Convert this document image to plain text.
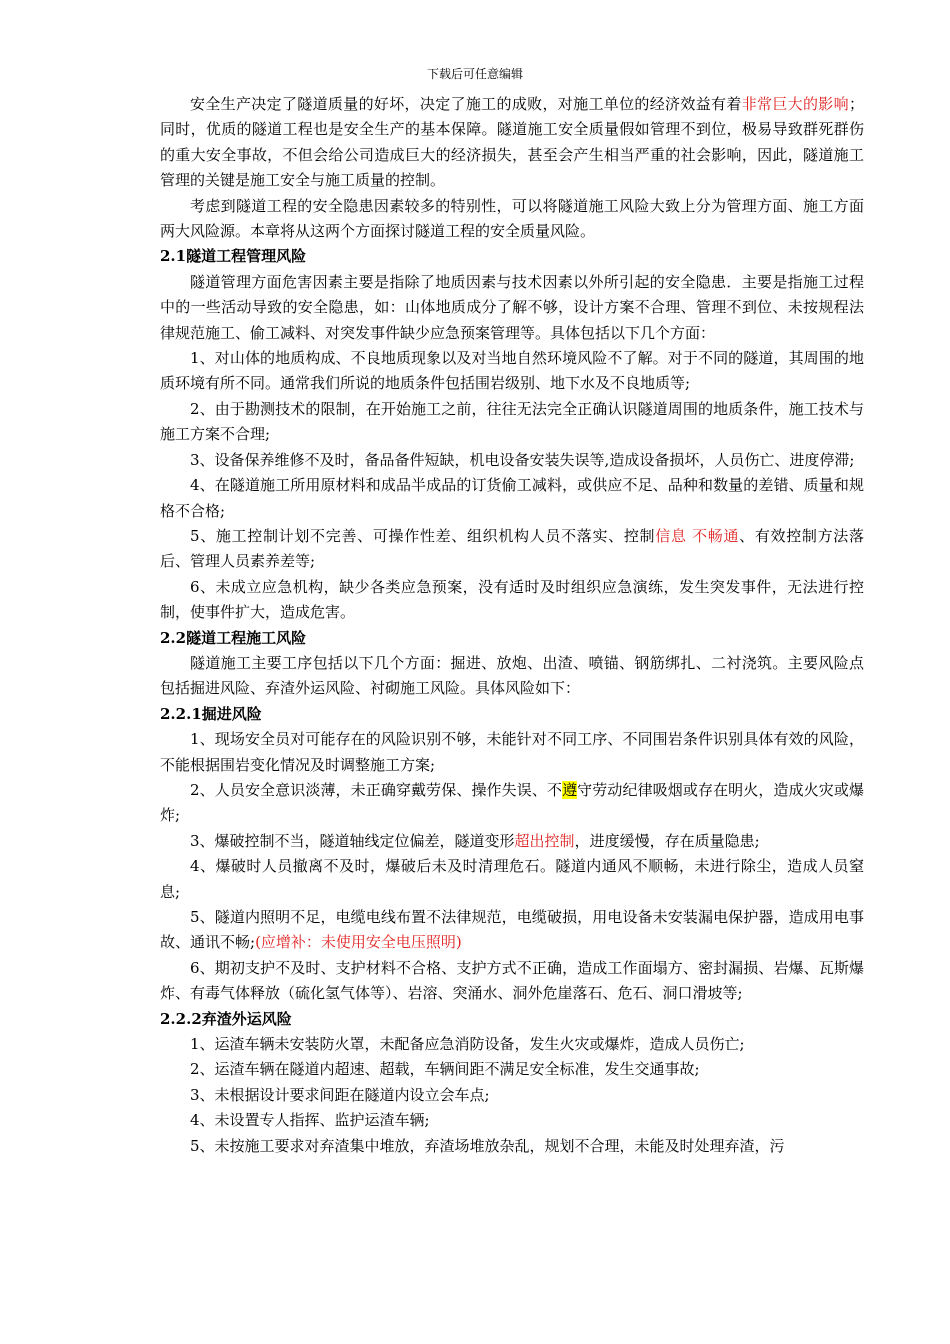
下载后可任意编辑

安全生产决定了隧道质量的好坏，决定了施工的成败，对施工单位的经济效益有着非常巨大的影响；同时，优质的隧道工程也是安全生产的基本保障。隧道施工安全质量假如管理不到位，极易导致群死群伤的重大安全事故，不但会给公司造成巨大的经济损失，甚至会产生相当严重的社会影响，因此，隧道施工管理的关键是施工安全与施工质量的控制。

考虑到隧道工程的安全隐患因素较多的特别性，可以将隧道施工风险大致上分为管理方面、施工方面两大风险源。本章将从这两个方面探讨隧道工程的安全质量风险。

2.1隧道工程管理风险

隧道管理方面危害因素主要是指除了地质因素与技术因素以外所引起的安全隐患．主要是指施工过程中的一些活动导致的安全隐患，如：山体地质成分了解不够，设计方案不合理、管理不到位、未按规程法律规范施工、偷工减料、对突发事件缺少应急预案管理等。具体包括以下几个方面：

1、对山体的地质构成、不良地质现象以及对当地自然环境风险不了解。对于不同的隧道，其周围的地质环境有所不同。通常我们所说的地质条件包括围岩级别、地下水及不良地质等;

2、由于勘测技术的限制，在开始施工之前，往往无法完全正确认识隧道周围的地质条件，施工技术与施工方案不合理;

3、设备保养维修不及时，备品备件短缺，机电设备安装失误等,造成设备损坏，人员伤亡、进度停滞;

4、在隧道施工所用原材料和成品半成品的订货偷工减料，或供应不足、品种和数量的差错、质量和规格不合格;

5、施工控制计划不完善、可操作性差、组织机构人员不落实、控制信息 不畅通、有效控制方法落后、管理人员素养差等;

6、未成立应急机构，缺少各类应急预案，没有适时及时组织应急演练，发生突发事件，无法进行控制，使事件扩大，造成危害。

2.2隧道工程施工风险

隧道施工主要工序包括以下几个方面：掘进、放炮、出渣、喷锚、钢筋绑扎、二衬浇筑。主要风险点包括掘进风险、弃渣外运风险、衬砌施工风险。具体风险如下：

2.2.1掘进风险

1、现场安全员对可能存在的风险识别不够，未能针对不同工序、不同围岩条件识别具体有效的风险，不能根据围岩变化情况及时调整施工方案;

2、人员安全意识淡薄，未正确穿戴劳保、操作失误、不遵守劳动纪律吸烟或存在明火，造成火灾或爆炸;

3、爆破控制不当，隧道轴线定位偏差，隧道变形超出控制，进度缓慢，存在质量隐患;

4、爆破时人员撤离不及时，爆破后未及时清理危石。隧道内通风不顺畅，未进行除尘，造成人员窒息;

5、隧道内照明不足，电缆电线布置不法律规范，电缆破损，用电设备未安装漏电保护器，造成用电事故、通讯不畅;(应增补：未使用安全电压照明)

6、期初支护不及时、支护材料不合格、支护方式不正确，造成工作面塌方、密封漏损、岩爆、瓦斯爆炸、有毒气体释放（硫化氢气体等）、岩溶、突涌水、洞外危崖落石、危石、洞口滑坡等;

2.2.2弃渣外运风险

1、运渣车辆未安装防火罩，未配备应急消防设备，发生火灾或爆炸，造成人员伤亡;

2、运渣车辆在隧道内超速、超载，车辆间距不满足安全标准，发生交通事故;

3、未根据设计要求间距在隧道内设立会车点;

4、未设置专人指挥、监护运渣车辆;

5、未按施工要求对弃渣集中堆放，弃渣场堆放杂乱，规划不合理，未能及时处理弃渣，污
